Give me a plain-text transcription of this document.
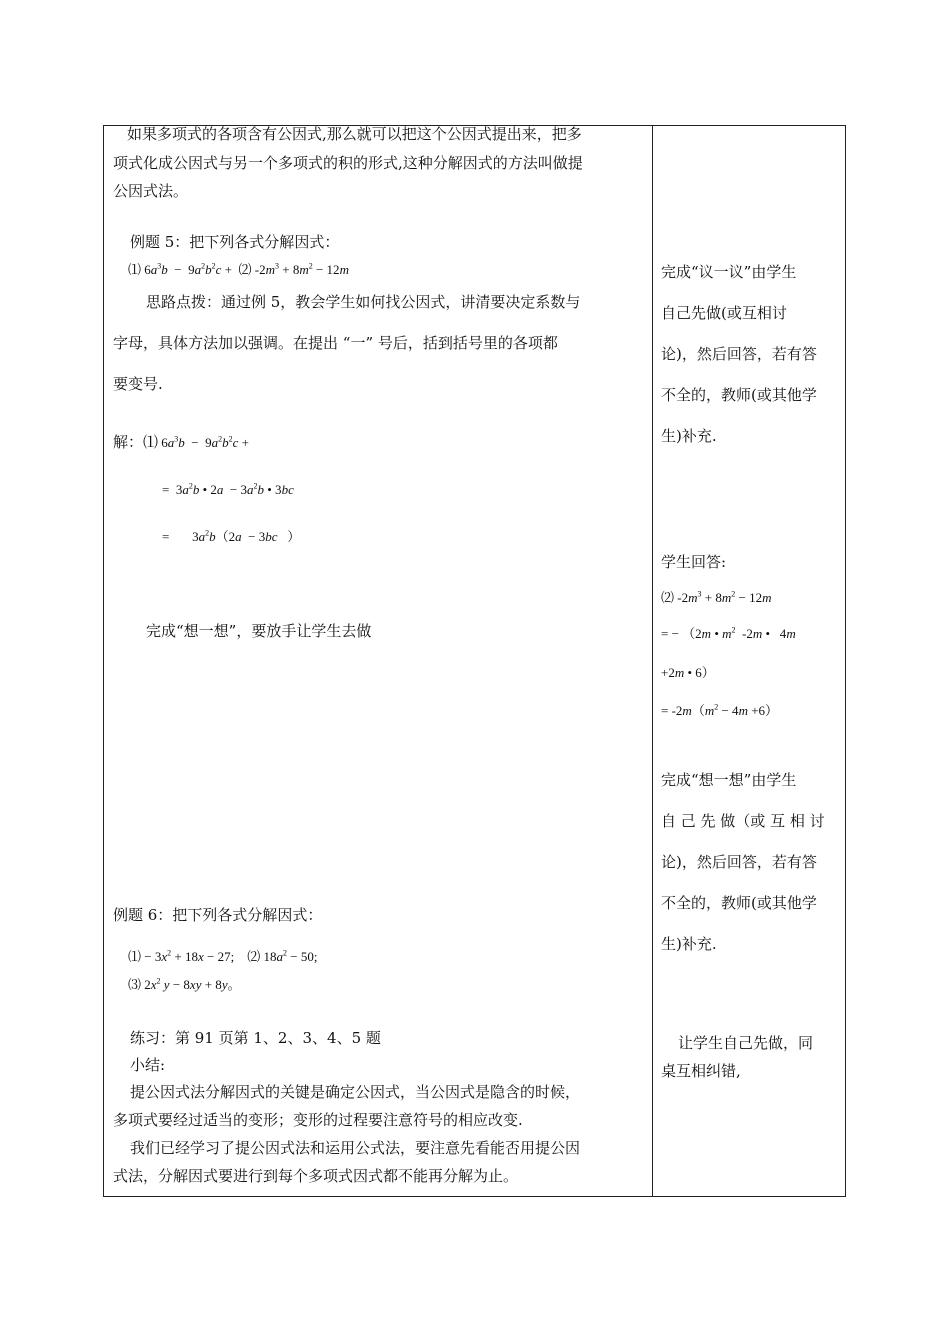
如果多项式的各项含有公因式,那么就可以把这个公因式提出来，把多
项式化成公因式与另一个多项式的积的形式,这种分解因式的方法叫做提
公因式法。
例题 5：把下列各式分解因式：
⑴ $6a^3b - 9a^2b^2c$ +  ⑵ $-2m^3 + 8m^2 - 12m$
思路点拨：通过例 5，教会学生如何找公因式，讲清要决定系数与
字母，具体方法加以强调。在提出 “一” 号后，括到括号里的各项都
要变号.
解：⑴ $6a^3b - 9a^2b^2c$ +
=  $3a^2b$ • $2a - 3a^2b$ • 3bc
=       $3a^2b(2a - 3bc$   ）
完成“想一想”，要放手让学生去做
例题 6：把下列各式分解因式：
⑴ − $3x^2 + 18x - 27$;    ⑵ $18a^2 - 50$;
⑶ $2x^2$ y − 8xy + 8y。
练习：第 91 页第 1、2、3、4、5 题
小结:
提公因式法分解因式的关键是确定公因式，当公因式是隐含的时候，
多项式要经过适当的变形；变形的过程要注意符号的相应改变.
我们已经学习了提公因式法和运用公式法，要注意先看能否用提公因
式法，分解因式要进行到每个多项式因式都不能再分解为止。
完成“议一议”由学生
自己先做(或互相讨
论)，然后回答，若有答
不全的，教师(或其他学
生)补充.
学生回答:
⑵ $-2m^3 + 8m^2 - 12m$
= − （2m • $m^2$  -2m •   4m
+2m • 6）
= $-2m(m^2 - 4m +6)$
完成“想一想”由学生
自 己 先 做（或 互 相 讨
论)，然后回答，若有答
不全的，教师(或其他学
生)补充.
让学生自己先做，同
桌互相纠错,
